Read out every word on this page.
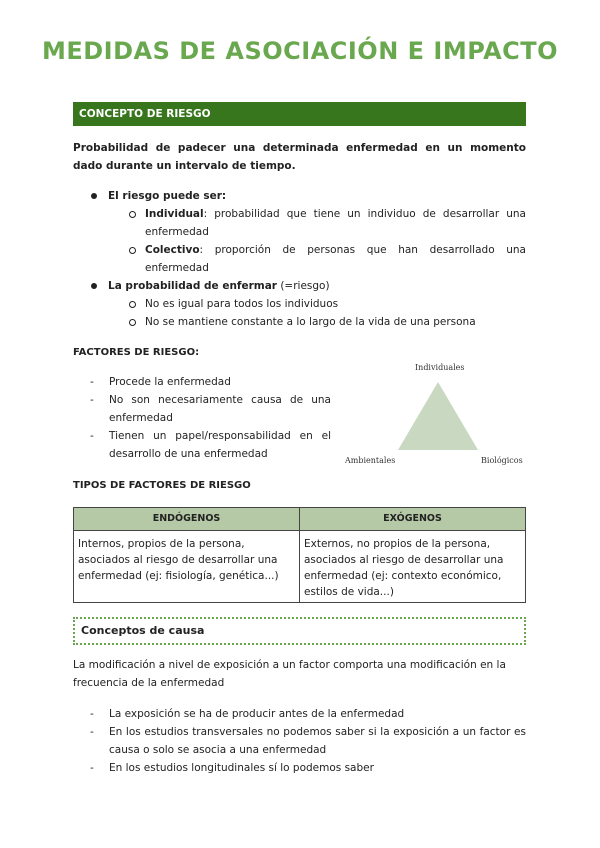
MEDIDAS DE ASOCIACIÓN E IMPACTO
CONCEPTO DE RIESGO
Probabilidad de padecer una determinada enfermedad en un momento dado durante un intervalo de tiempo.
El riesgo puede ser:
Individual: probabilidad que tiene un individuo de desarrollar una enfermedad
Colectivo: proporción de personas que han desarrollado una enfermedad
La probabilidad de enfermar (=riesgo)
No es igual para todos los individuos
No se mantiene constante a lo largo de la vida de una persona
FACTORES DE RIESGO:
- Procede la enfermedad
- No son necesariamente causa de una enfermedad
- Tienen un papel/responsabilidad en el desarrollo de una enfermedad
Individuales
Ambientales	Biológicos
TIPOS DE FACTORES DE RIESGO
ENDÓGENOS	EXÓGENOS
Internos, propios de la persona, asociados al riesgo de desarrollar una enfermedad (ej: fisiología, genética...)	Externos, no propios de la persona, asociados al riesgo de desarrollar una enfermedad (ej: contexto económico, estilos de vida...)
Conceptos de causa
La modificación a nivel de exposición a un factor comporta una modificación en la frecuencia de la enfermedad
- La exposición se ha de producir antes de la enfermedad
- En los estudios transversales no podemos saber si la exposición a un factor es causa o solo se asocia a una enfermedad
- En los estudios longitudinales sí lo podemos saber
